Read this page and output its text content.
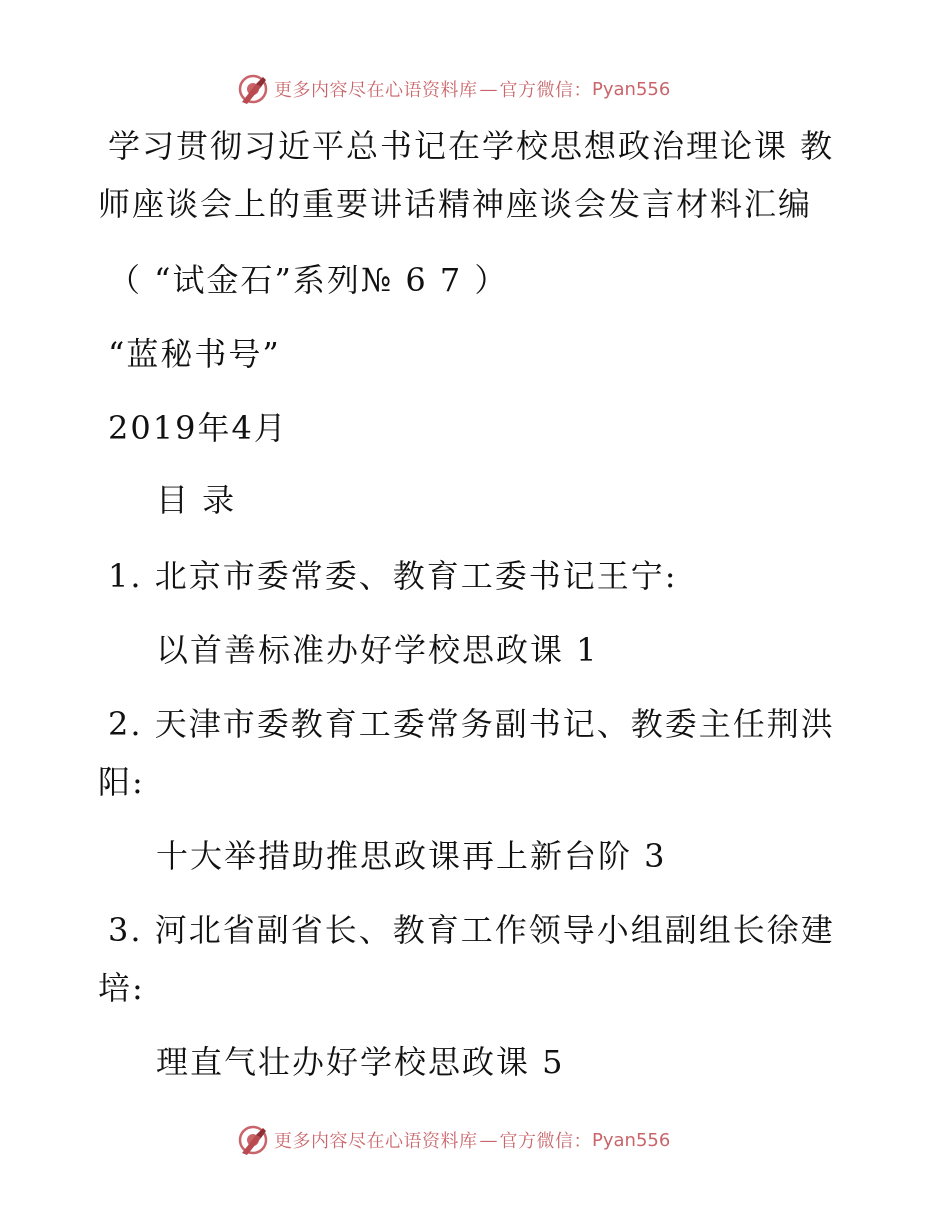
更多内容尽在心语资料库 — 官方微信： Pyan556
学习贯彻习近平总书记在学校思想政治理论课 教
师座谈会上的重要讲话精神座谈会发言材料汇编
（ “试金石”系列№ 6 7 ）
“蓝秘书号”
2019年4月
目 录
1. 北京市委常委、教育工委书记王宁:
以首善标准办好学校思政课 1
2. 天津市委教育工委常务副书记、教委主任荆洪
阳:
十大举措助推思政课再上新台阶 3
3. 河北省副省长、教育工作领导小组副组长徐建
培:
理直气壮办好学校思政课 5
更多内容尽在心语资料库 — 官方微信： Pyan556
